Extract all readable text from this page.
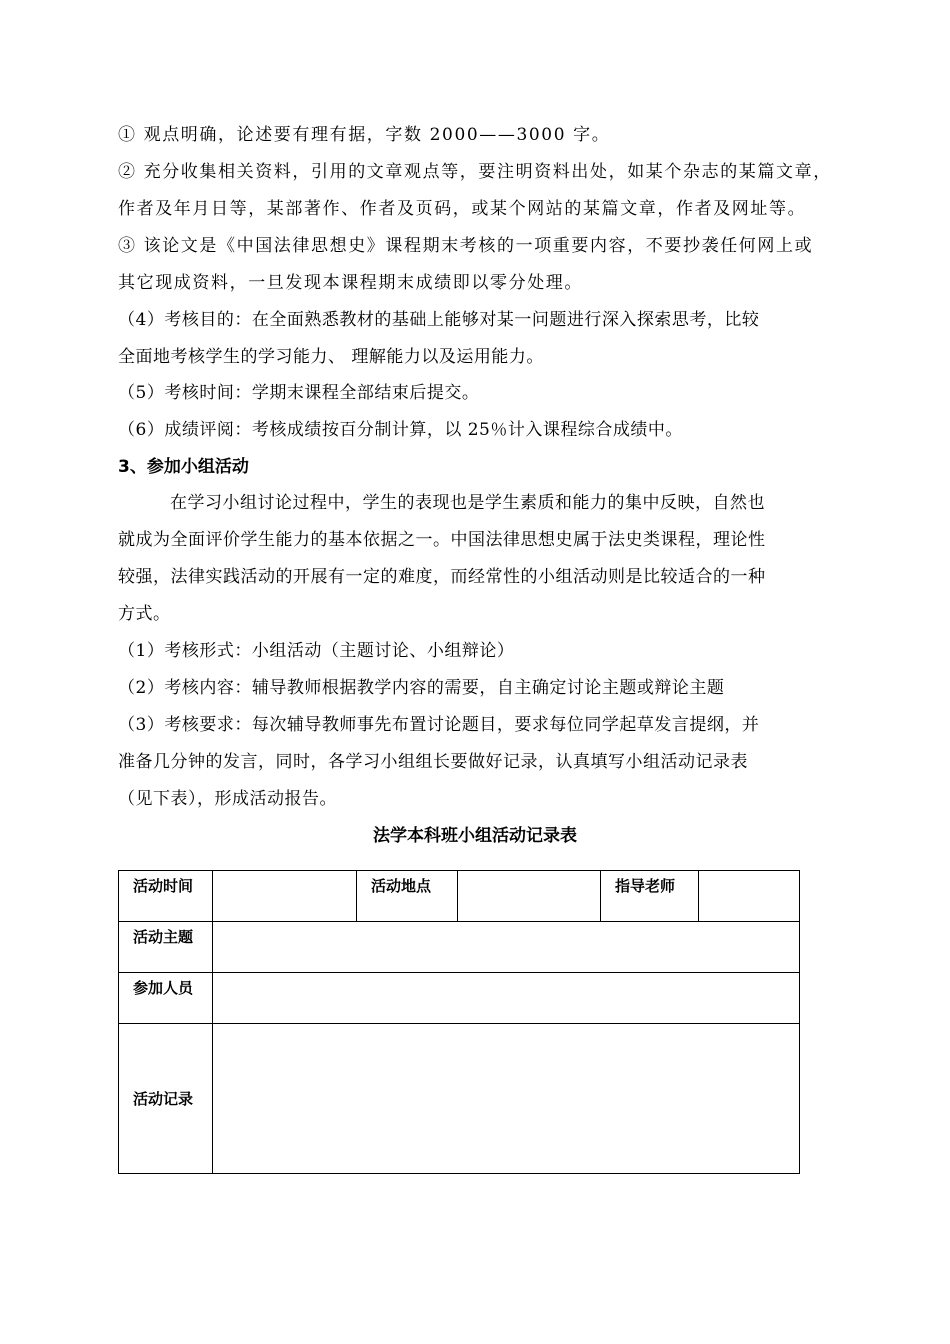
① 观点明确，论述要有理有据，字数 2000——3000 字。
② 充分收集相关资料，引用的文章观点等，要注明资料出处，如某个杂志的某篇文章，
作者及年月日等，某部著作、作者及页码，或某个网站的某篇文章，作者及网址等。
③ 该论文是《中国法律思想史》课程期末考核的一项重要内容，不要抄袭任何网上或
其它现成资料，一旦发现本课程期末成绩即以零分处理。
（4）考核目的：在全面熟悉教材的基础上能够对某一问题进行深入探索思考，比较
全面地考核学生的学习能力、 理解能力以及运用能力。
（5）考核时间：学期末课程全部结束后提交。
（6）成绩评阅：考核成绩按百分制计算，以 25％计入课程综合成绩中。
3、参加小组活动
在学习小组讨论过程中，学生的表现也是学生素质和能力的集中反映，自然也
就成为全面评价学生能力的基本依据之一。中国法律思想史属于法史类课程，理论性
较强，法律实践活动的开展有一定的难度，而经常性的小组活动则是比较适合的一种
方式。
（1）考核形式：小组活动（主题讨论、小组辩论）
（2）考核内容：辅导教师根据教学内容的需要，自主确定讨论主题或辩论主题
（3）考核要求：每次辅导教师事先布置讨论题目，要求每位同学起草发言提纲，并
准备几分钟的发言，同时，各学习小组组长要做好记录，认真填写小组活动记录表
（见下表），形成活动报告。
法学本科班小组活动记录表
活动时间		活动地点		指导老师	
活动主题					
参加人员					
活动记录					
